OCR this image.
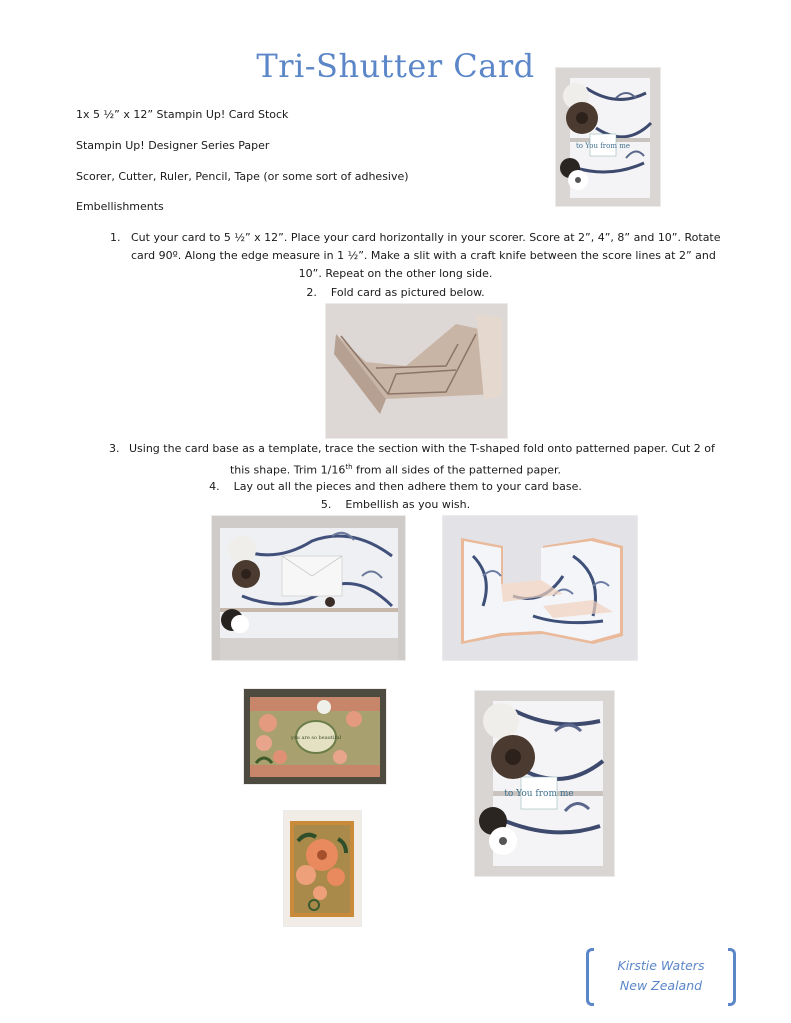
Tri-Shutter Card
1x 5 ½” x 12” Stampin Up! Card Stock
Stampin Up! Designer Series Paper
Scorer, Cutter, Ruler, Pencil, Tape (or some sort of adhesive)
Embellishments
to You from me
1. Cut your card to 5 ½” x 12”. Place your card horizontally in your scorer. Score at 2”, 4”, 8” and 10”. Rotate
card 90º. Along the edge measure in 1 ½”. Make a slit with a craft knife between the score lines at 2” and
10”. Repeat on the other long side.
2. Fold card as pictured below.
3. Using the card base as a template, trace the section with the T-shaped fold onto patterned paper. Cut 2 of
this shape. Trim 1/16th from all sides of the patterned paper.
4. Lay out all the pieces and then adhere them to your card base.
5. Embellish as you wish.
you are so beautiful
to You from me
Kirstie Waters
New Zealand
